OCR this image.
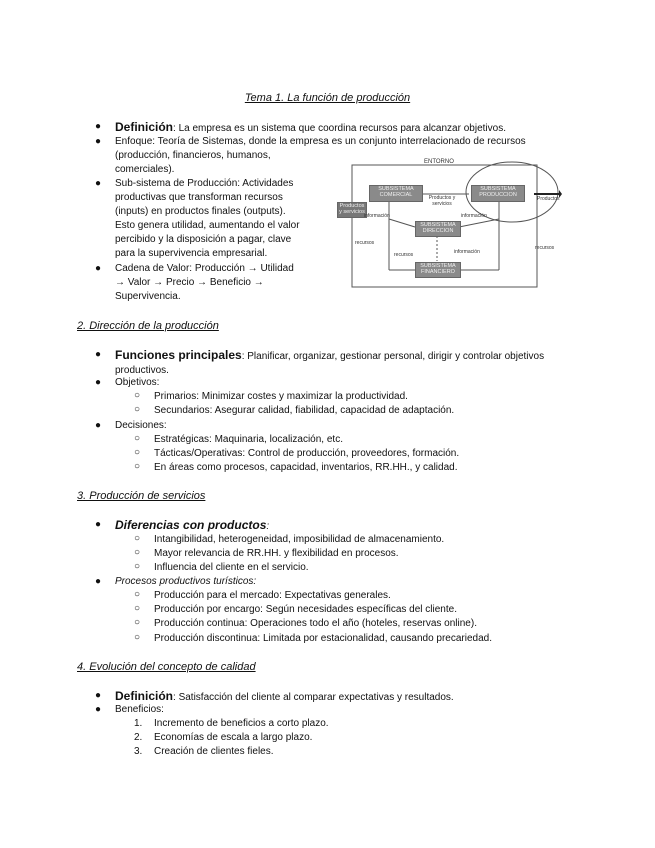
Tema 1. La función de producción
● Definición: La empresa es un sistema que coordina recursos para alcanzar objetivos.
● Enfoque: Teoría de Sistemas, donde la empresa es un conjunto interrelacionado de recursos
(producción, financieros, humanos,
comerciales).
● Sub-sistema de Producción: Actividades
productivas que transforman recursos
(inputs) en productos finales (outputs).
Esto genera utilidad, aumentando el valor
percibido y la disposición a pagar, clave
para la supervivencia empresarial.
● Cadena de Valor: Producción → Utilidad
→ Valor → Precio → Beneficio →
Supervivencia.
ENTORNO
SUBSISTEMA COMERCIAL
SUBSISTEMA PRODUCCION
SUBSISTEMA DIRECCION
SUBSISTEMA FINANCIERO
Productos y servicios
Productos y servicios
Productos
información	información
información
recursos
recursos
recursos
2. Dirección de la producción
● Funciones principales: Planificar, organizar, gestionar personal, dirigir y controlar objetivos
productivos.
● Objetivos:
○ Primarios: Minimizar costes y maximizar la productividad.
○ Secundarios: Asegurar calidad, fiabilidad, capacidad de adaptación.
● Decisiones:
○ Estratégicas: Maquinaria, localización, etc.
○ Tácticas/Operativas: Control de producción, proveedores, formación.
○ En áreas como procesos, capacidad, inventarios, RR.HH., y calidad.
3. Producción de servicios
● Diferencias con productos:
○ Intangibilidad, heterogeneidad, imposibilidad de almacenamiento.
○ Mayor relevancia de RR.HH. y flexibilidad en procesos.
○ Influencia del cliente en el servicio.
● Procesos productivos turísticos:
○ Producción para el mercado: Expectativas generales.
○ Producción por encargo: Según necesidades específicas del cliente.
○ Producción continua: Operaciones todo el año (hoteles, reservas online).
○ Producción discontinua: Limitada por estacionalidad, causando precariedad.
4. Evolución del concepto de calidad
● Definición: Satisfacción del cliente al comparar expectativas y resultados.
● Beneficios:
1. Incremento de beneficios a corto plazo.
2. Economías de escala a largo plazo.
3. Creación de clientes fieles.
